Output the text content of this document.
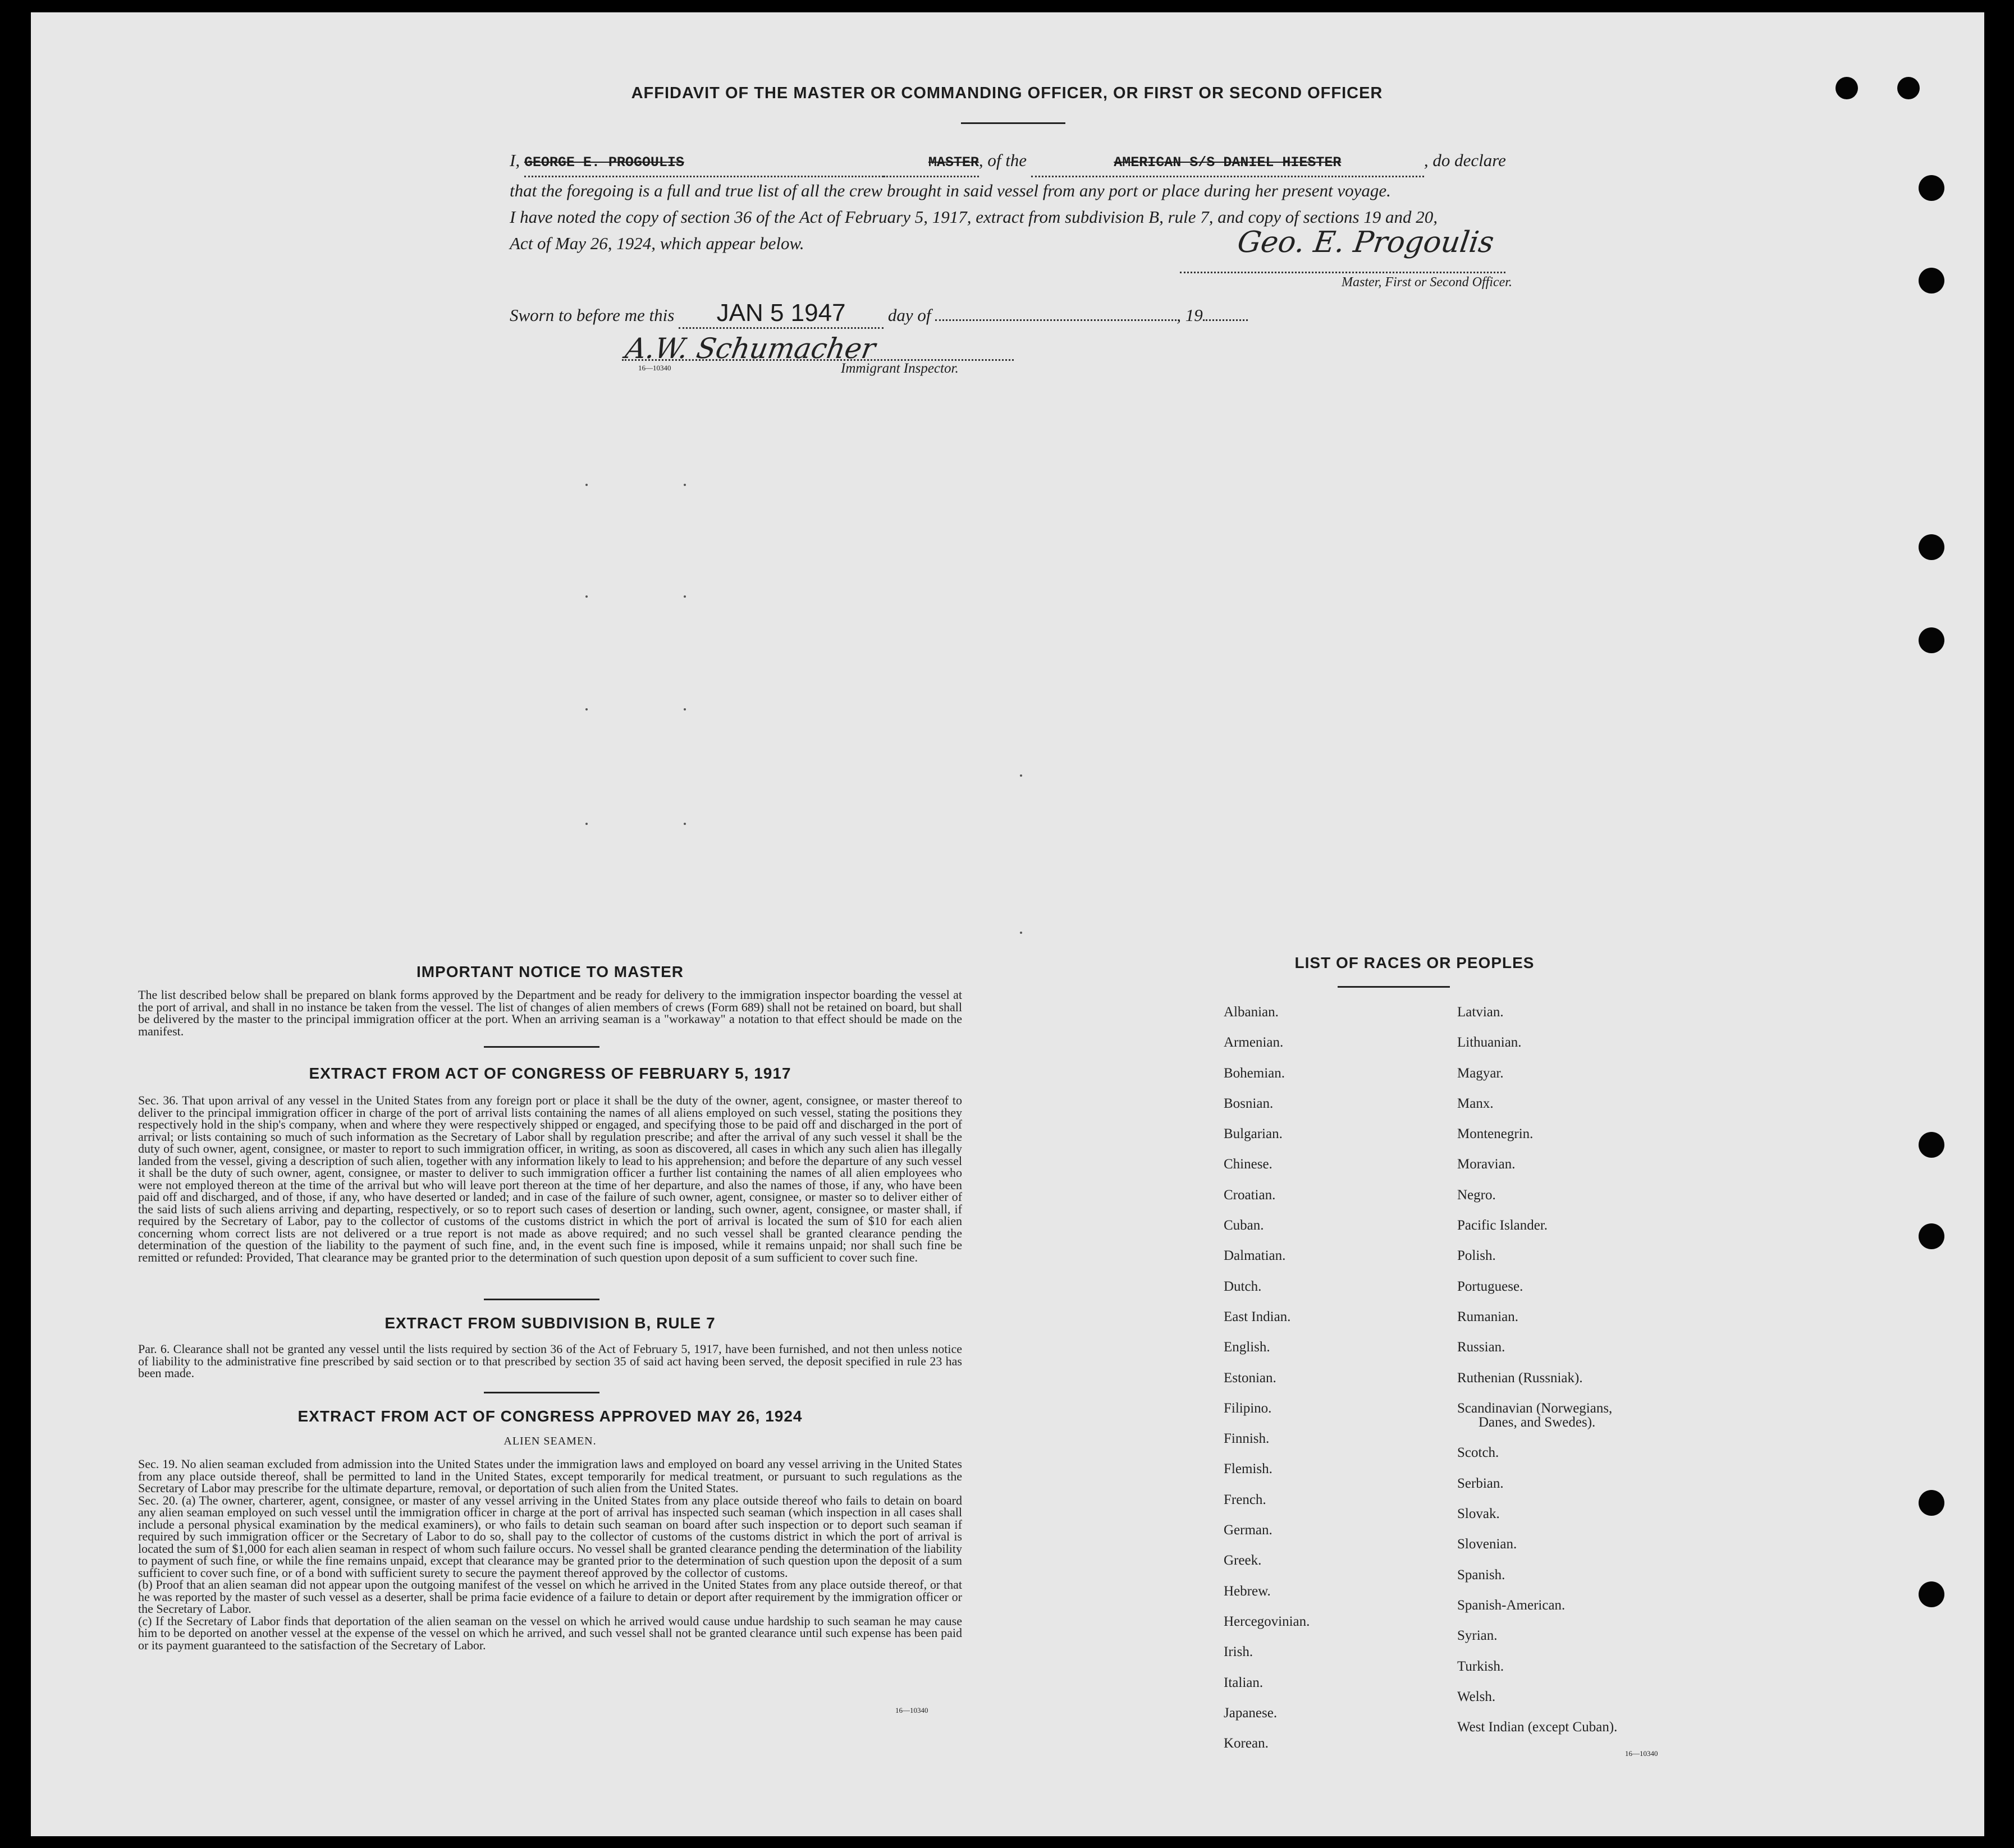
AFFIDAVIT OF THE MASTER OR COMMANDING OFFICER, OR FIRST OR SECOND OFFICER
I, GEORGE E. PROGOULIS	MASTER, of the	AMERICAN S/S DANIEL HIESTER	, do declare
that the foregoing is a full and true list of all the crew brought in said vessel from any port or place during her present voyage.
I have noted the copy of section 36 of the Act of February 5, 1917, extract from subdivision B, rule 7, and copy of sections 19 and 20,
Act of May 26, 1924, which appear below.	Geo. E. Progoulis
Master, First or Second Officer.
Sworn to before me this JAN 5 1947 day of	, 19
A.W. Schumacher
16—10340	Immigrant Inspector.
IMPORTANT NOTICE TO MASTER
The list described below shall be prepared on blank forms approved by the Department and be ready for delivery to the immigration inspector boarding the vessel at the port of arrival, and shall in no instance be taken from the vessel. The list of changes of alien members of crews (Form 689) shall not be retained on board, but shall be delivered by the master to the principal immigration officer at the port. When an arriving seaman is a "workaway" a notation to that effect should be made on the manifest.
EXTRACT FROM ACT OF CONGRESS OF FEBRUARY 5, 1917
Sec. 36. That upon arrival of any vessel in the United States from any foreign port or place it shall be the duty of the owner, agent, consignee, or master thereof to deliver to the principal immigration officer in charge of the port of arrival lists containing the names of all aliens employed on such vessel, stating the positions they respectively hold in the ship's company, when and where they were respectively shipped or engaged, and specifying those to be paid off and discharged in the port of arrival; or lists containing so much of such information as the Secretary of Labor shall by regulation prescribe; and after the arrival of any such vessel it shall be the duty of such owner, agent, consignee, or master to report to such immigration officer, in writing, as soon as discovered, all cases in which any such alien has illegally landed from the vessel, giving a description of such alien, together with any information likely to lead to his apprehension; and before the departure of any such vessel it shall be the duty of such owner, agent, consignee, or master to deliver to such immigration officer a further list containing the names of all alien employees who were not employed thereon at the time of the arrival but who will leave port thereon at the time of her departure, and also the names of those, if any, who have been paid off and discharged, and of those, if any, who have deserted or landed; and in case of the failure of such owner, agent, consignee, or master so to deliver either of the said lists of such aliens arriving and departing, respectively, or so to report such cases of desertion or landing, such owner, agent, consignee, or master shall, if required by the Secretary of Labor, pay to the collector of customs of the customs district in which the port of arrival is located the sum of $10 for each alien concerning whom correct lists are not delivered or a true report is not made as above required; and no such vessel shall be granted clearance pending the determination of the question of the liability to the payment of such fine, and, in the event such fine is imposed, while it remains unpaid; nor shall such fine be remitted or refunded: Provided, That clearance may be granted prior to the determination of such question upon deposit of a sum sufficient to cover such fine.
EXTRACT FROM SUBDIVISION B, RULE 7
Par. 6. Clearance shall not be granted any vessel until the lists required by section 36 of the Act of February 5, 1917, have been furnished, and not then unless notice of liability to the administrative fine prescribed by said section or to that prescribed by section 35 of said act having been served, the deposit specified in rule 23 has been made.
EXTRACT FROM ACT OF CONGRESS APPROVED MAY 26, 1924
ALIEN SEAMEN.
Sec. 19. No alien seaman excluded from admission into the United States under the immigration laws and employed on board any vessel arriving in the United States from any place outside thereof, shall be permitted to land in the United States, except temporarily for medical treatment, or pursuant to such regulations as the Secretary of Labor may prescribe for the ultimate departure, removal, or deportation of such alien from the United States.
Sec. 20. (a) The owner, charterer, agent, consignee, or master of any vessel arriving in the United States from any place outside thereof who fails to detain on board any alien seaman employed on such vessel until the immigration officer in charge at the port of arrival has inspected such seaman (which inspection in all cases shall include a personal physical examination by the medical examiners), or who fails to detain such seaman on board after such inspection or to deport such seaman if required by such immigration officer or the Secretary of Labor to do so, shall pay to the collector of customs of the customs district in which the port of arrival is located the sum of $1,000 for each alien seaman in respect of whom such failure occurs. No vessel shall be granted clearance pending the determination of the liability to payment of such fine, or while the fine remains unpaid, except that clearance may be granted prior to the determination of such question upon the deposit of a sum sufficient to cover such fine, or of a bond with sufficient surety to secure the payment thereof approved by the collector of customs.
(b) Proof that an alien seaman did not appear upon the outgoing manifest of the vessel on which he arrived in the United States from any place outside thereof, or that he was reported by the master of such vessel as a deserter, shall be prima facie evidence of a failure to detain or deport after requirement by the immigration officer or the Secretary of Labor.
(c) If the Secretary of Labor finds that deportation of the alien seaman on the vessel on which he arrived would cause undue hardship to such seaman he may cause him to be deported on another vessel at the expense of the vessel on which he arrived, and such vessel shall not be granted clearance until such expense has been paid or its payment guaranteed to the satisfaction of the Secretary of Labor.
16—10340
LIST OF RACES OR PEOPLES
Albanian.
Armenian.
Bohemian.
Bosnian.
Bulgarian.
Chinese.
Croatian.
Cuban.
Dalmatian.
Dutch.
East Indian.
English.
Estonian.
Filipino.
Finnish.
Flemish.
French.
German.
Greek.
Hebrew.
Hercegovinian.
Irish.
Italian.
Japanese.
Korean.
Latvian.
Lithuanian.
Magyar.
Manx.
Montenegrin.
Moravian.
Negro.
Pacific Islander.
Polish.
Portuguese.
Rumanian.
Russian.
Ruthenian (Russniak).
Scandinavian (Norwegians,
Danes, and Swedes).
Scotch.
Serbian.
Slovak.
Slovenian.
Spanish.
Spanish-American.
Syrian.
Turkish.
Welsh.
West Indian (except Cuban).
16—10340
